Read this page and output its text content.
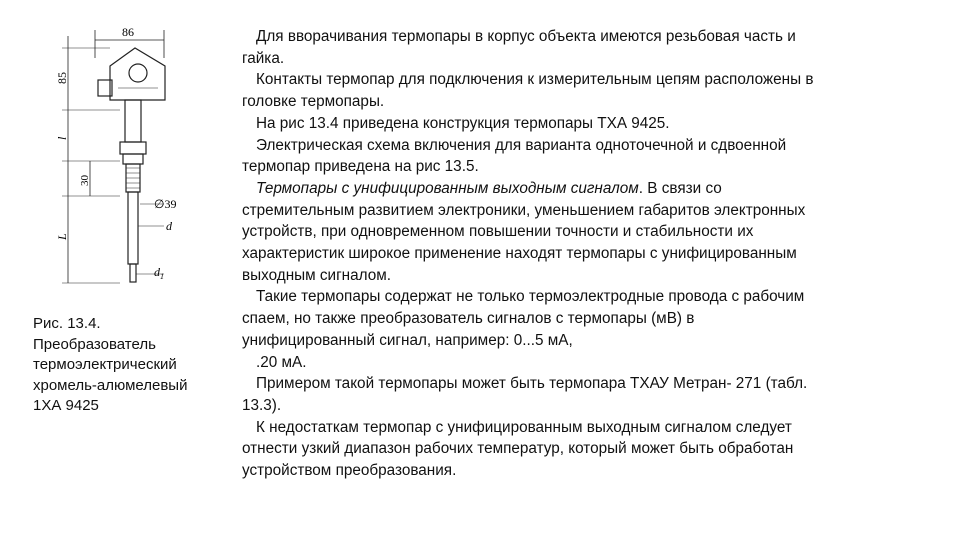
86
85
l
30
L
∅39
d
$d_1$
Рис. 13.4.
Преобразователь
термоэлектрический
хромель-алюмелевый
1ХА 9425

Для вворачивания термопары в корпус объекта имеются резьбовая часть и

гайка.

Контакты термопар для подключения к измерительным цепям расположены в

головке термопары.

На рис 13.4 приведена конструкция термопары ТХА 9425.

Электрическая схема включения для варианта одноточечной и сдвоенной

термопар приведена на рис 13.5.

Термопары с унифицированным выходным сигналом. В связи со

стремительным развитием электроники, уменьшением габаритов электронных

устройств, при одновременном повышении точности и стабильности их

характеристик широкое применение находят термопары с унифицированным

выходным сигналом.

Такие термопары содержат не только термоэлектродные провода с рабочим

спаем, но также преобразователь сигналов с термопары (мВ) в

унифицированный сигнал, например: 0...5 мА,

.20 мА.

Примером такой термопары может быть термопара ТХАУ Метран- 271 (табл.

13.3).

К недостаткам термопар с унифицированным выходным сигналом следует

отнести узкий диапазон рабочих температур, который может быть обработан

устройством преобразования.
